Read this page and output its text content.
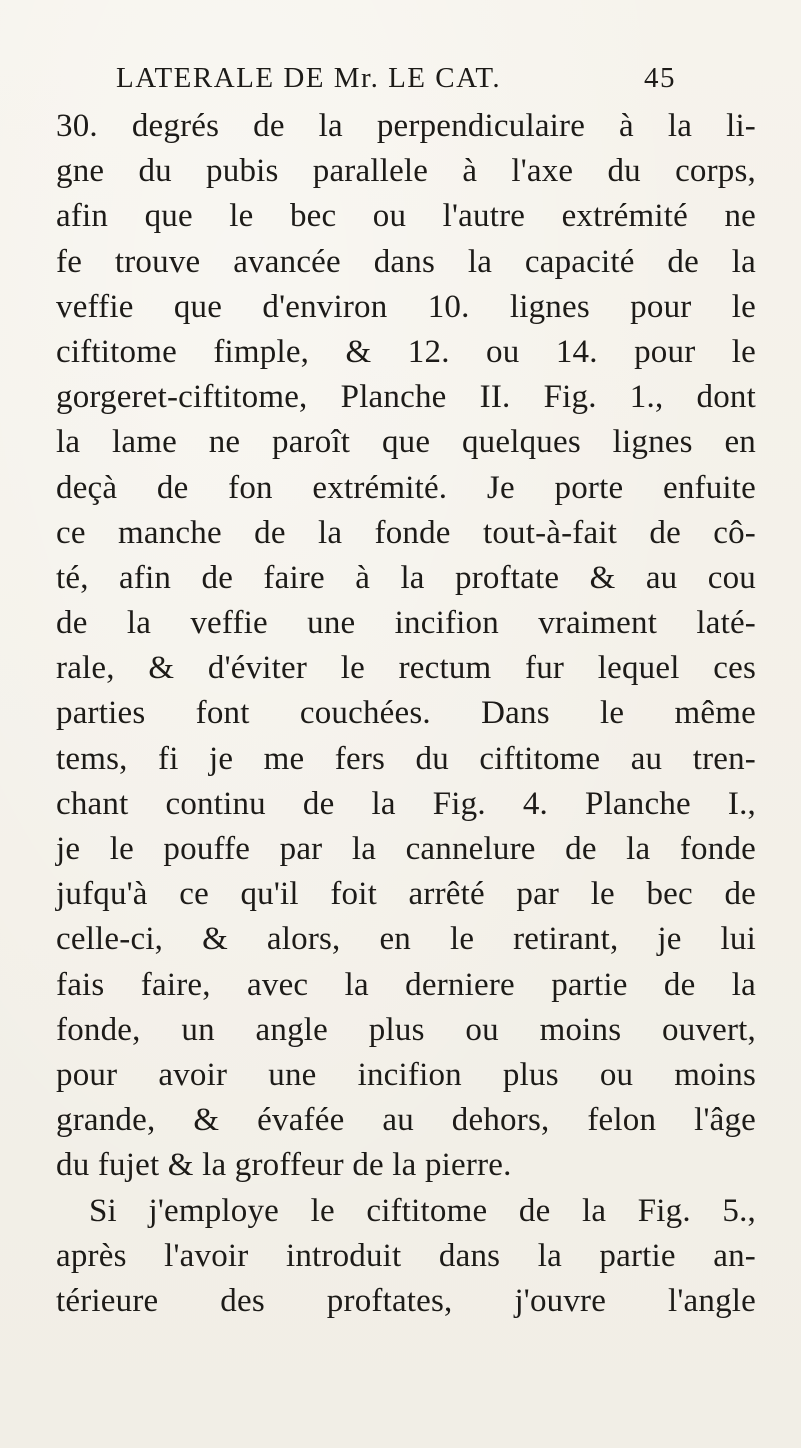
LATERALE DE Mr. LE CAT.	45
30. degrés de la perpendiculaire à la li-
gne du pubis parallele à l'axe du corps,
afin que le bec ou l'autre extrémité ne
fe trouve avancée dans la capacité de la
veffie que d'environ 10. lignes pour le
ciftitome fimple, & 12. ou 14. pour le
gorgeret-ciftitome, Planche II. Fig. 1., dont
la lame ne paroît que quelques lignes en
deçà de fon extrémité. Je porte enfuite
ce manche de la fonde tout-à-fait de cô-
té, afin de faire à la proftate & au cou
de la veffie une incifion vraiment laté-
rale, & d'éviter le rectum fur lequel ces
parties font couchées. Dans le même
tems, fi je me fers du ciftitome au tren-
chant continu de la Fig. 4. Planche I.,
je le pouffe par la cannelure de la fonde
jufqu'à ce qu'il foit arrêté par le bec de
celle-ci, & alors, en le retirant, je lui
fais faire, avec la derniere partie de la
fonde, un angle plus ou moins ouvert,
pour avoir une incifion plus ou moins
grande, & évafée au dehors, felon l'âge
du fujet & la groffeur de la pierre.
Si j'employe le ciftitome de la Fig. 5.,
après l'avoir introduit dans la partie an-
térieure des proftates, j'ouvre l'angle
